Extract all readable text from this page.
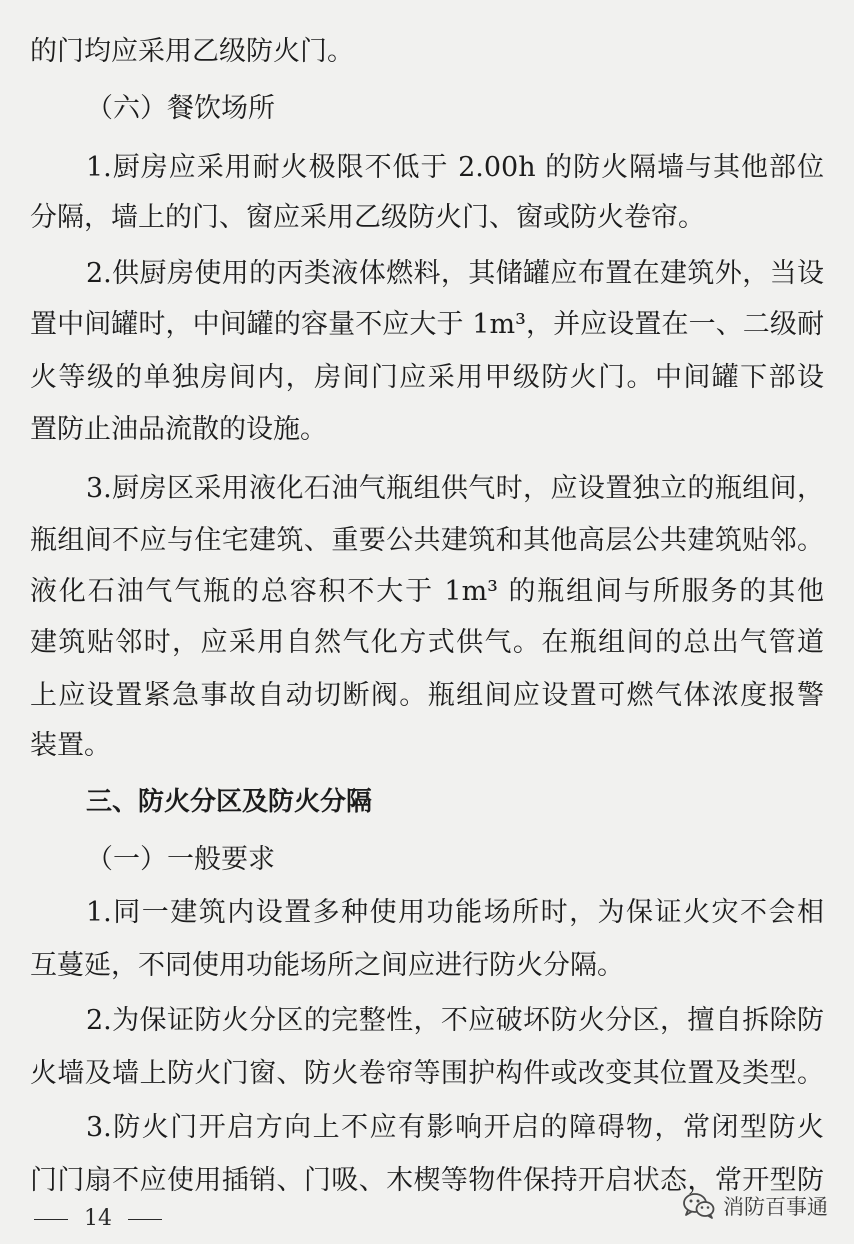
的门均应采用乙级防火门。
（六）餐饮场所
1.厨房应采用耐火极限不低于 2.00h 的防火隔墙与其他部位
分隔，墙上的门、窗应采用乙级防火门、窗或防火卷帘。
2.供厨房使用的丙类液体燃料，其储罐应布置在建筑外，当设
置中间罐时，中间罐的容量不应大于 1m³，并应设置在一、二级耐
火等级的单独房间内，房间门应采用甲级防火门。中间罐下部设
置防止油品流散的设施。
3.厨房区采用液化石油气瓶组供气时，应设置独立的瓶组间，
瓶组间不应与住宅建筑、重要公共建筑和其他高层公共建筑贴邻。
液化石油气气瓶的总容积不大于 1m³ 的瓶组间与所服务的其他
建筑贴邻时，应采用自然气化方式供气。在瓶组间的总出气管道
上应设置紧急事故自动切断阀。瓶组间应设置可燃气体浓度报警
装置。
三、防火分区及防火分隔
（一）一般要求
1.同一建筑内设置多种使用功能场所时，为保证火灾不会相
互蔓延，不同使用功能场所之间应进行防火分隔。
2.为保证防火分区的完整性，不应破坏防火分区，擅自拆除防
火墙及墙上防火门窗、防火卷帘等围护构件或改变其位置及类型。
3.防火门开启方向上不应有影响开启的障碍物，常闭型防火
门门扇不应使用插销、门吸、木楔等物件保持开启状态，常开型防
14	消防百事通
